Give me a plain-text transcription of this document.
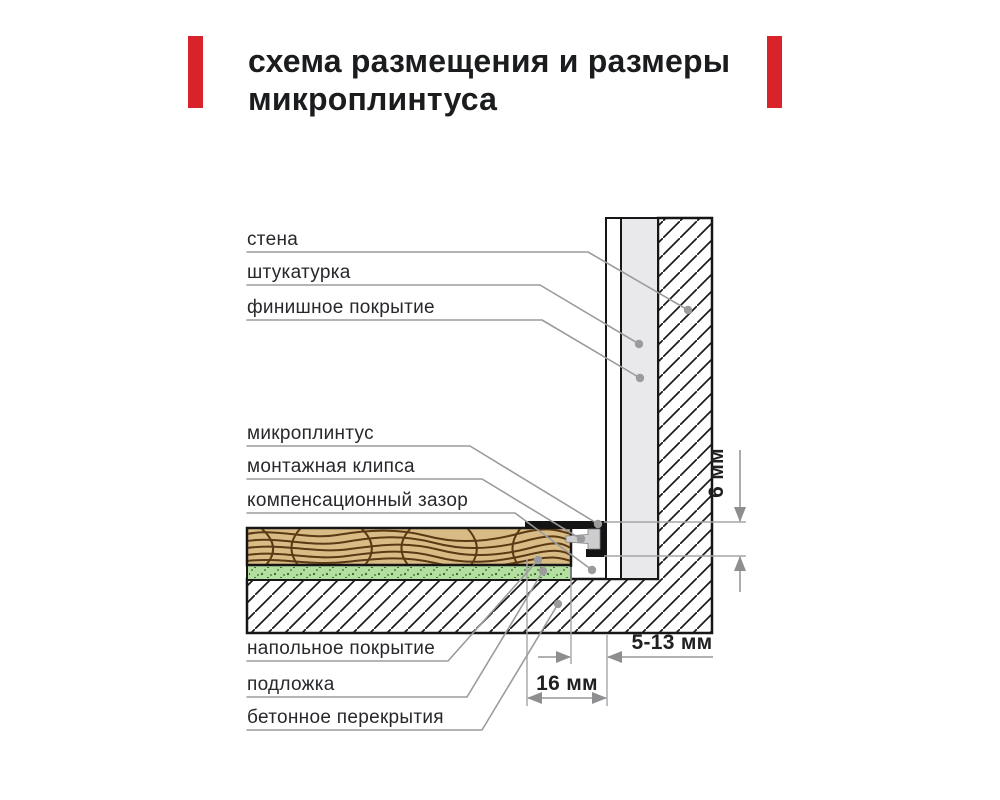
схема размещения и размеры
микроплинтуса
6 мм
5-13 мм
16 мм
стена
штукатурка
финишное покрытие
микроплинтус
монтажная клипса
компенсационный зазор
напольное покрытие
подложка
бетонное перекрытия
